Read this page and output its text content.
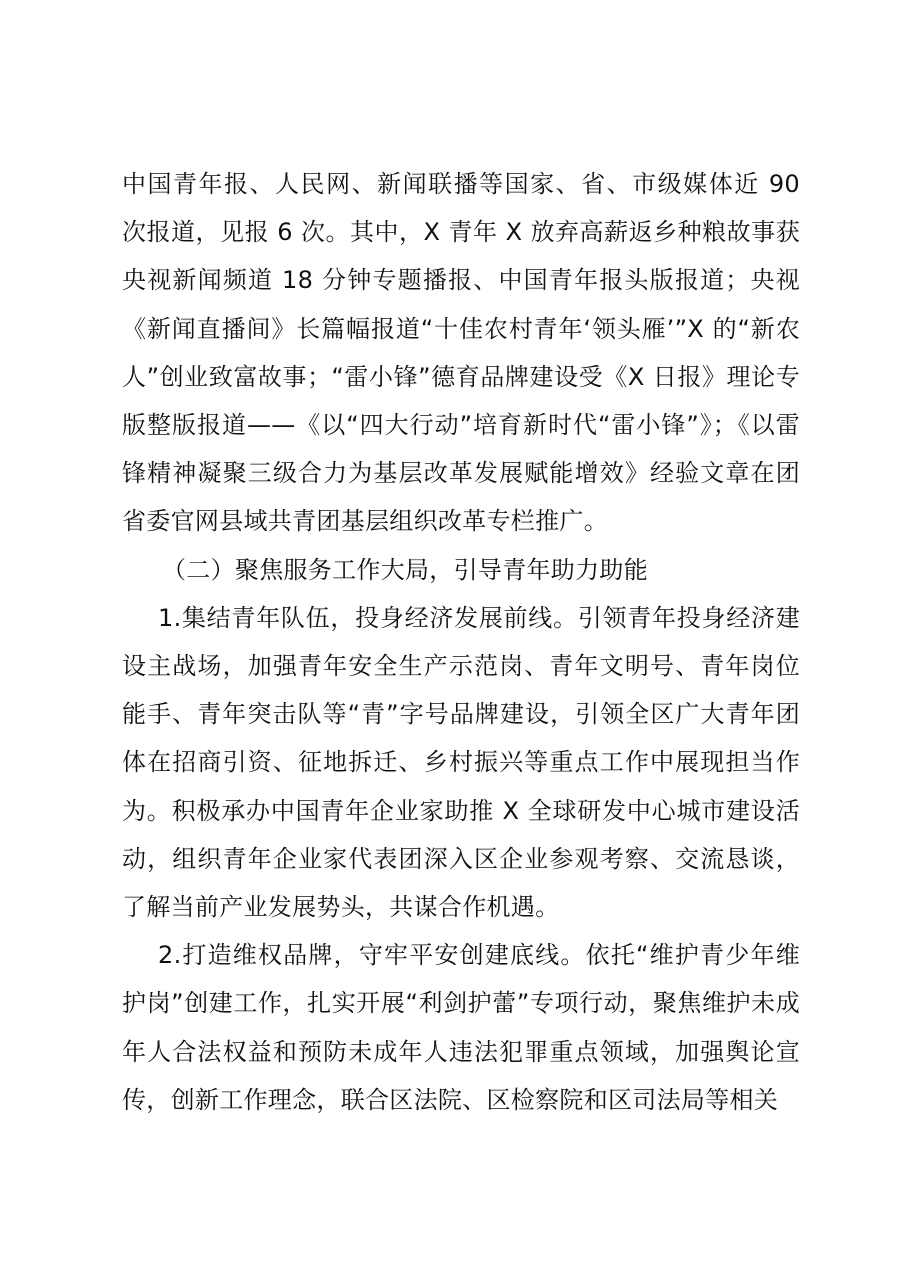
中国青年报、人民网、新闻联播等国家、省、市级媒体近 90 次报道，见报 6 次。其中，X 青年 X 放弃高薪返乡种粮故事获央视新闻频道 18 分钟专题播报、中国青年报头版报道；央视《新闻直播间》长篇幅报道“十佳农村青年‘领头雁’”X 的“新农人”创业致富故事；“雷小锋”德育品牌建设受《X 日报》理论专版整版报道——《以“四大行动”培育新时代“雷小锋”》；《以雷锋精神凝聚三级合力为基层改革发展赋能增效》经验文章在团省委官网县域共青团基层组织改革专栏推广。

（二）聚焦服务工作大局，引导青年助力助能

1.集结青年队伍，投身经济发展前线。引领青年投身经济建设主战场，加强青年安全生产示范岗、青年文明号、青年岗位能手、青年突击队等“青”字号品牌建设，引领全区广大青年团体在招商引资、征地拆迁、乡村振兴等重点工作中展现担当作为。积极承办中国青年企业家助推 X 全球研发中心城市建设活动，组织青年企业家代表团深入区企业参观考察、交流恳谈，了解当前产业发展势头，共谋合作机遇。

2.打造维权品牌，守牢平安创建底线。依托“维护青少年维护岗”创建工作，扎实开展“利剑护蕾”专项行动，聚焦维护未成年人合法权益和预防未成年人违法犯罪重点领域，加强舆论宣传，创新工作理念，联合区法院、区检察院和区司法局等相关
